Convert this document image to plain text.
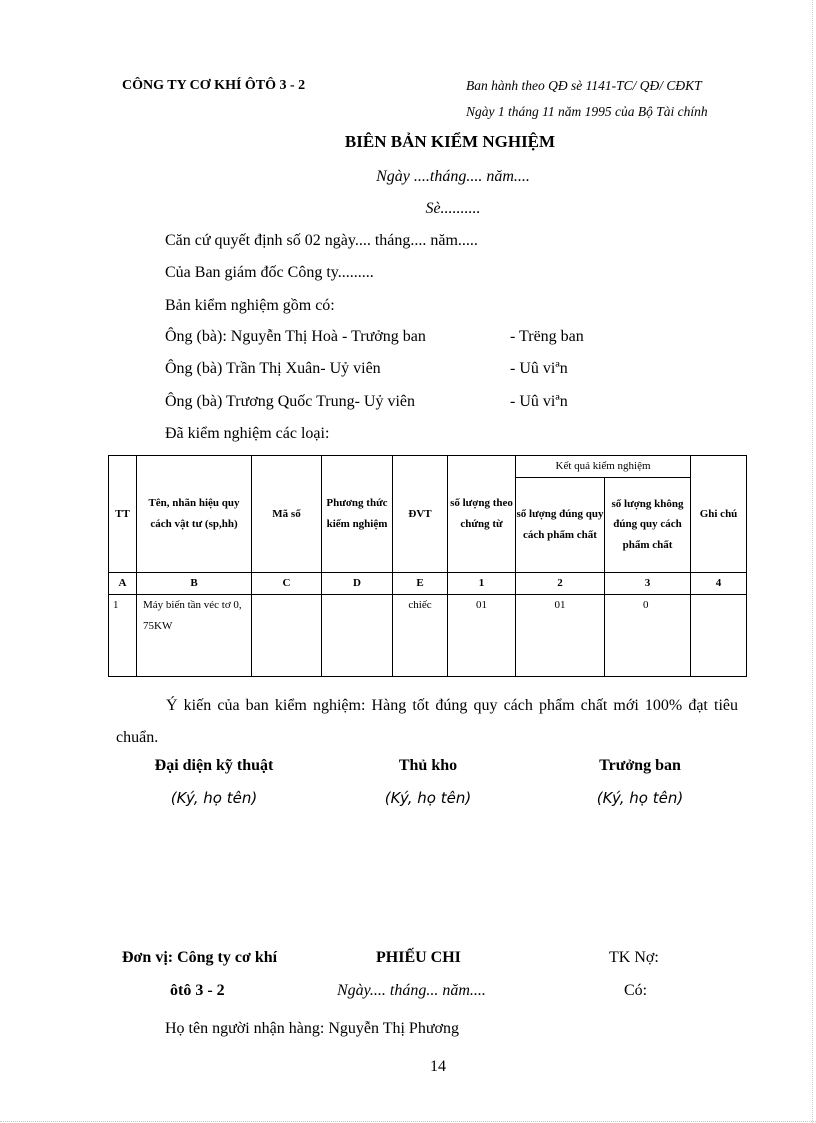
CÔNG TY CƠ KHÍ ÔTÔ 3 - 2	Ban hành theo QĐ sè 1141-TC/ QĐ/ CĐKT
Ngày 1 tháng 11 năm 1995 của Bộ Tài chính
BIÊN BẢN KIỂM NGHIỆM
Ngày ....tháng.... năm....
Sè..........
Căn cứ quyết định số 02 ngày.... tháng.... năm.....
Của Ban giám đốc Công ty.........
Bản kiểm nghiệm gồm có:
Ông (bà): Nguyễn Thị Hoà - Trưởng ban	- Trëng ban
Ông (bà) Trần Thị Xuân- Uỷ viên	- Uû viªn
Ông (bà) Trương Quốc Trung- Uỷ viên	- Uû viªn
Đã kiểm nghiệm các loại:
TT	Tên, nhãn hiệu quy cách vật tư (sp,hh)	Mã số	Phương thức kiểm nghiệm	ĐVT	số lượng theo chứng từ	Kết quả kiểm nghiệm		Ghi chú
						số lượng đúng quy cách phẩm chất	số lượng không đúng quy cách phẩm chất	
A	B	C	D	E	1	2	3	4
1	Máy biến tần véc tơ 0, 75KW			chiếc	01	01	0	
Ý kiến của ban kiểm nghiệm: Hàng tốt đúng quy cách phẩm chất mới 100% đạt tiêu chuẩn.
Đại diện kỹ thuật	Thủ kho	Trưởng ban
(Ký, họ tên)	(Ký, họ tên)	(Ký, họ tên)
Đơn vị: Công ty cơ khí
ôtô 3 - 2
PHIẾU CHI
Ngày.... tháng... năm....
TK Nợ:
Có:
Họ tên người nhận hàng: Nguyễn Thị Phương
14
